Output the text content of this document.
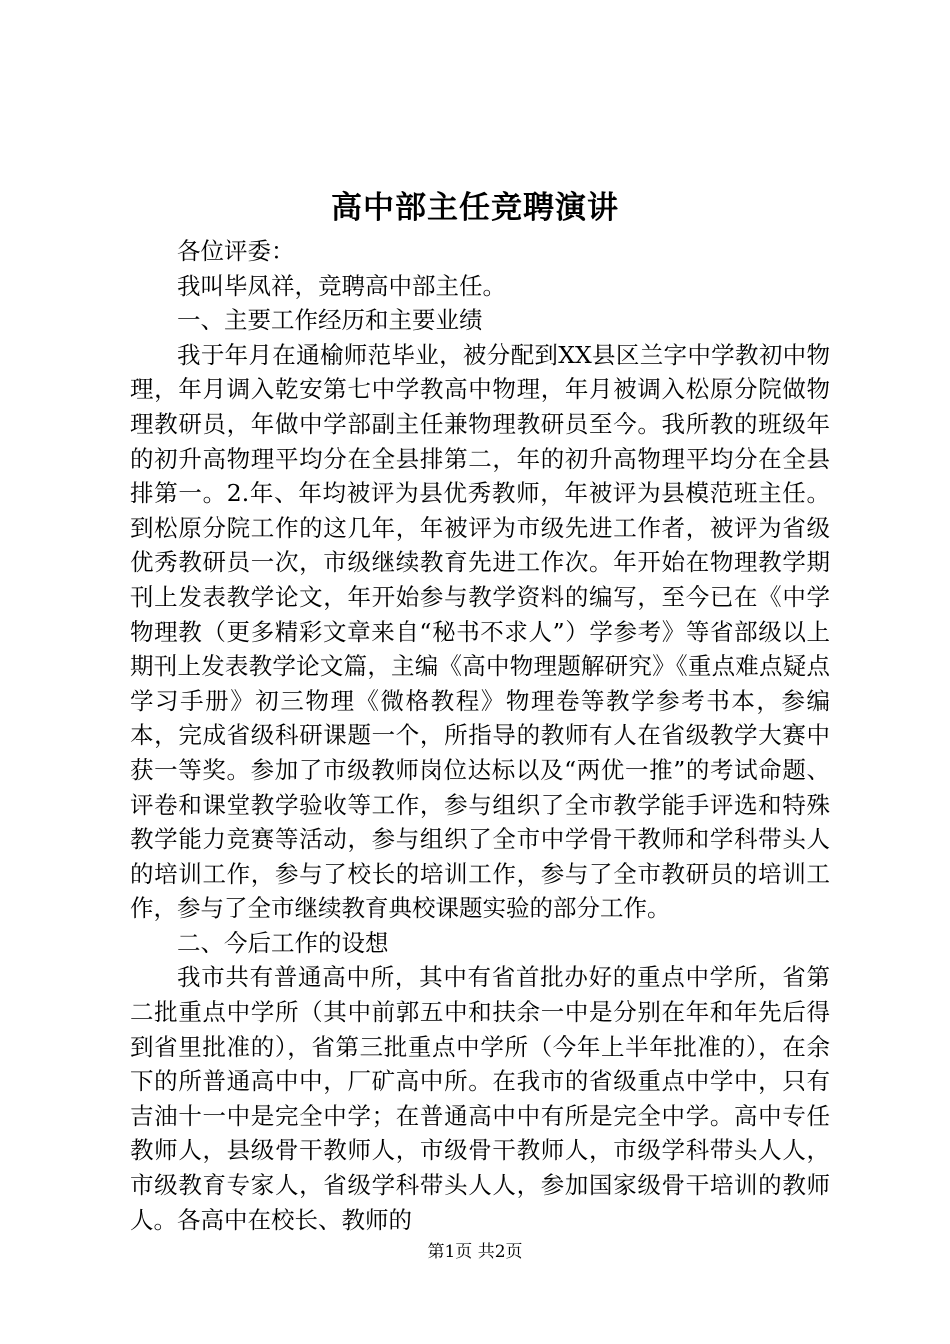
高中部主任竞聘演讲

各位评委：

我叫毕凤祥，竞聘高中部主任。

一、主要工作经历和主要业绩

我于年月在通榆师范毕业，被分配到XX县区兰字中学教初中物理，年月调入乾安第七中学教高中物理，年月被调入松原分院做物理教研员，年做中学部副主任兼物理教研员至今。我所教的班级年的初升高物理平均分在全县排第二，年的初升高物理平均分在全县排第一。2.年、年均被评为县优秀教师，年被评为县模范班主任。到松原分院工作的这几年，年被评为市级先进工作者，被评为省级优秀教研员一次，市级继续教育先进工作次。年开始在物理教学期刊上发表教学论文，年开始参与教学资料的编写，至今已在《中学物理教（更多精彩文章来自“秘书不求人”）学参考》等省部级以上期刊上发表教学论文篇，主编《高中物理题解研究》《重点难点疑点学习手册》初三物理《微格教程》物理卷等教学参考书本，参编本，完成省级科研课题一个，所指导的教师有人在省级教学大赛中获一等奖。参加了市级教师岗位达标以及“两优一推”的考试命题、评卷和课堂教学验收等工作，参与组织了全市教学能手评选和特殊教学能力竞赛等活动，参与组织了全市中学骨干教师和学科带头人的培训工作，参与了校长的培训工作，参与了全市教研员的培训工作，参与了全市继续教育典校课题实验的部分工作。

二、今后工作的设想

我市共有普通高中所，其中有省首批办好的重点中学所，省第二批重点中学所（其中前郭五中和扶余一中是分别在年和年先后得到省里批准的），省第三批重点中学所（今年上半年批准的），在余下的所普通高中中，厂矿高中所。在我市的省级重点中学中，只有吉油十一中是完全中学；在普通高中中有所是完全中学。高中专任教师人，县级骨干教师人，市级骨干教师人，市级学科带头人人，市级教育专家人，省级学科带头人人，参加国家级骨干培训的教师人。各高中在校长、教师的

第1页 共2页
